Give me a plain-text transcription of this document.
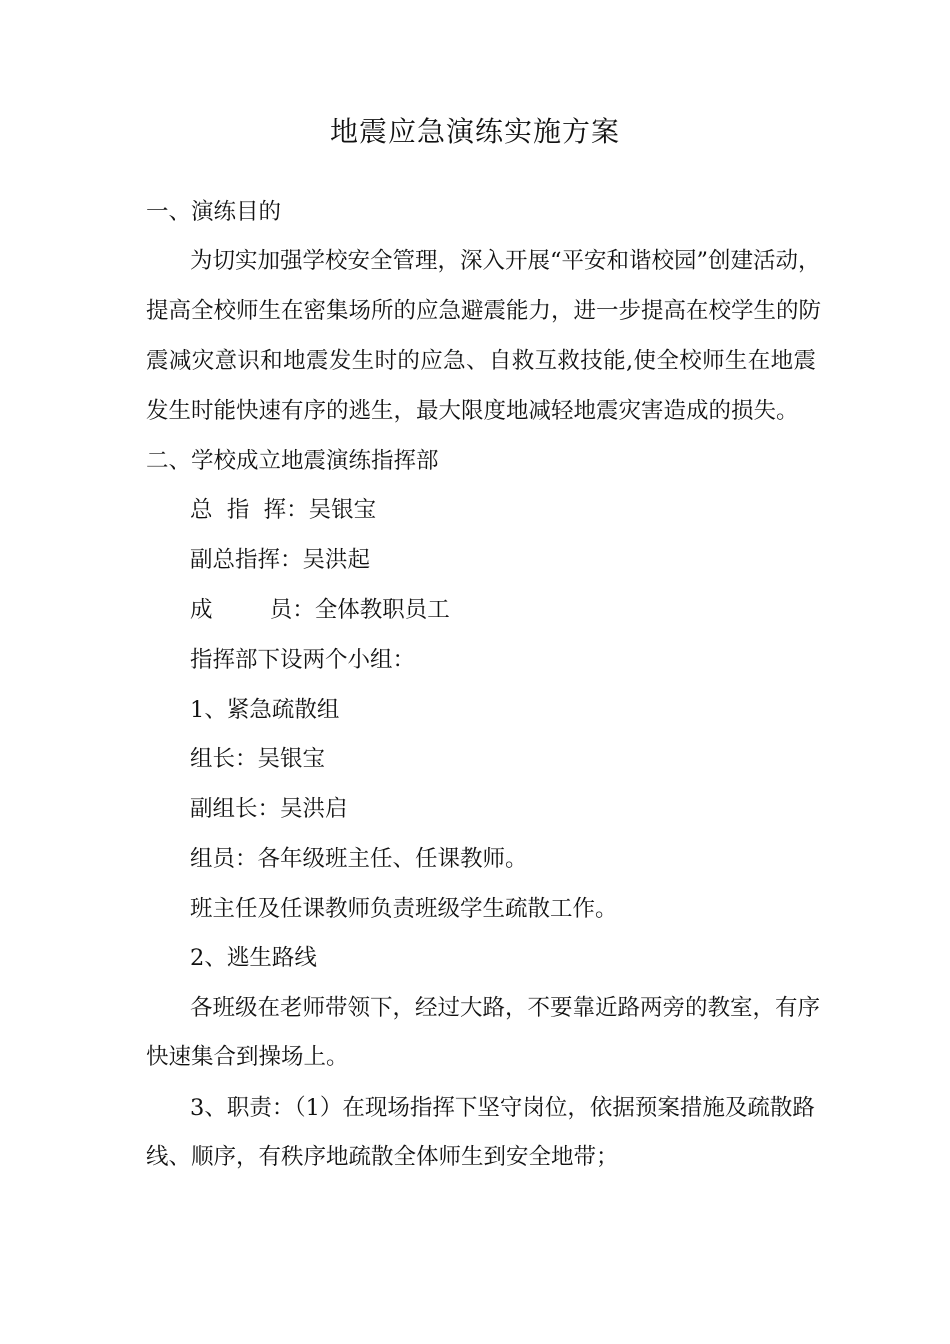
地震应急演练实施方案
一、演练目的
为切实加强学校安全管理，深入开展“平安和谐校园”创建活动，
提高全校师生在密集场所的应急避震能力，进一步提高在校学生的防
震减灾意识和地震发生时的应急、自救互救技能,使全校师生在地震
发生时能快速有序的逃生，最大限度地减轻地震灾害造成的损失。
二、学校成立地震演练指挥部
总  指  挥：吴银宝
副总指挥：吴洪起
成        员：全体教职员工
指挥部下设两个小组：
1、紧急疏散组
组长：吴银宝
副组长：吴洪启
组员：各年级班主任、任课教师。
班主任及任课教师负责班级学生疏散工作。
2、逃生路线
各班级在老师带领下，经过大路，不要靠近路两旁的教室，有序
快速集合到操场上。
3、职责：（1）在现场指挥下坚守岗位，依据预案措施及疏散路
线、顺序，有秩序地疏散全体师生到安全地带；
